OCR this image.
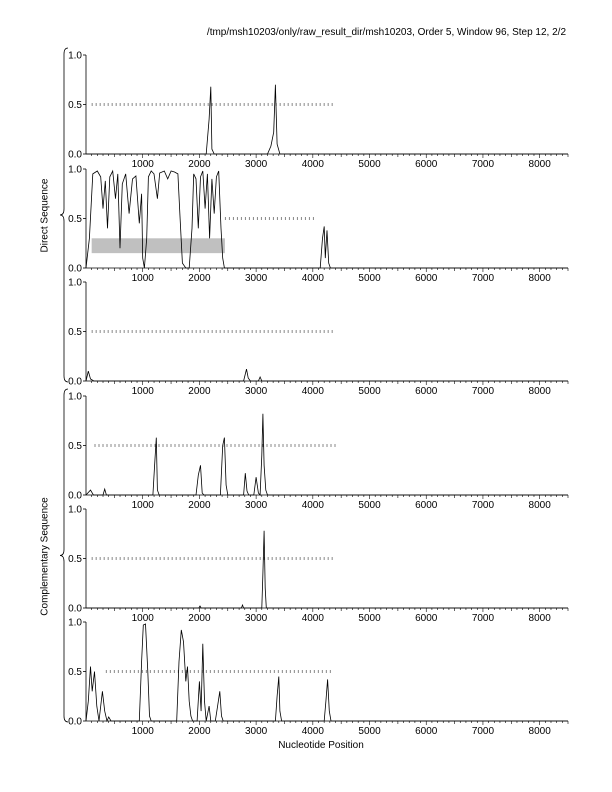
/tmp/msh10203/only/raw_result_dir/msh10203, Order 5, Window 96, Step 12, 2/2
Direct Sequence
Complementary Sequence
0.0
0.5
1.0
1000	2000	3000	4000	5000	6000	7000	8000
0.0
0.5
1.0
1000	2000	3000	4000	5000	6000	7000	8000
0.0
0.5
1.0
1000	2000	3000	4000	5000	6000	7000	8000
0.0
0.5
1.0
1000	2000	3000	4000	5000	6000	7000	8000
0.0
0.5
1.0
1000	2000	3000	4000	5000	6000	7000	8000
0.0
0.5
1.0
1000	2000	3000	4000	5000	6000	7000	8000
Nucleotide Position
